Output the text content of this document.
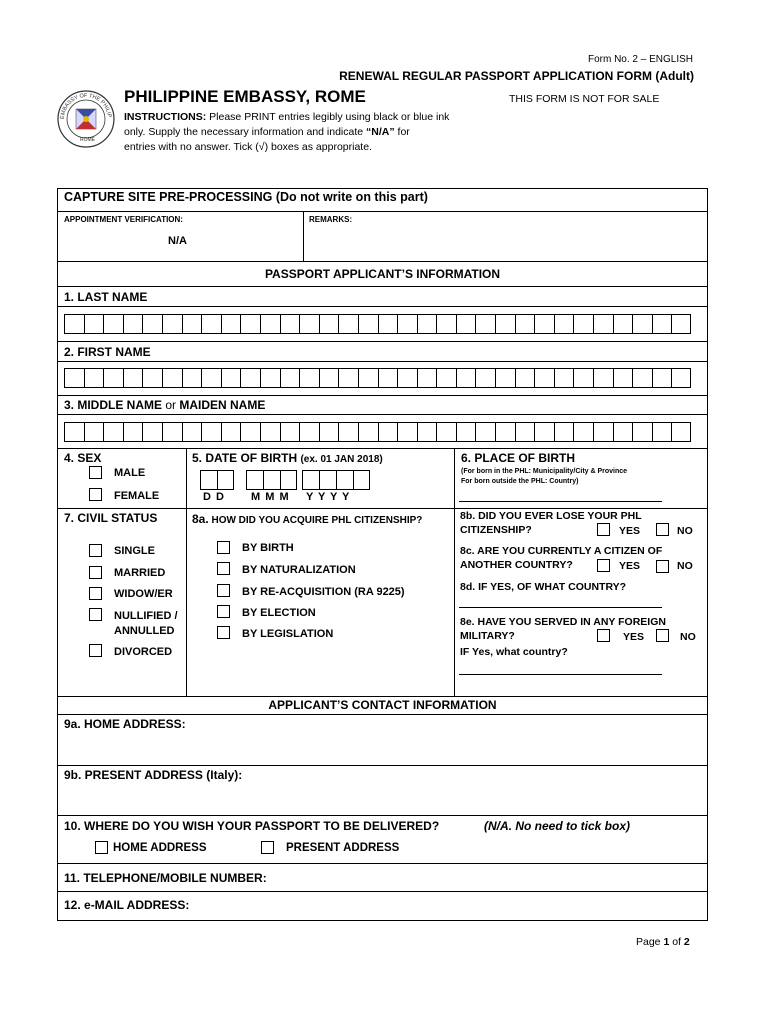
Form No. 2 – ENGLISH
RENEWAL REGULAR PASSPORT APPLICATION FORM (Adult)
EMBASSY OF THE PHILIP
ROME
PHILIPPINE EMBASSY, ROME	THIS FORM IS NOT FOR SALE
INSTRUCTIONS: Please PRINT entries legibly using black or blue ink
only. Supply the necessary information and indicate “N/A” for
entries with no answer. Tick (√) boxes as appropriate.
CAPTURE SITE PRE-PROCESSING (Do not write on this part)
APPOINTMENT VERIFICATION:	REMARKS:
N/A
PASSPORT APPLICANT’S INFORMATION
1. LAST NAME
2. FIRST NAME
3. MIDDLE NAME or MAIDEN NAME
4. SEX
MALE
FEMALE
5. DATE OF BIRTH (ex. 01 JAN 2018)
D D M M M Y Y Y Y
6. PLACE OF BIRTH
(For born in the PHL: Municipality/City & Province
For born outside the PHL: Country)
7. CIVIL STATUS
SINGLE
MARRIED
WIDOW/ER
NULLIFIED /
ANNULLED
DIVORCED
8a. HOW DID YOU ACQUIRE PHL CITIZENSHIP?
BY BIRTH
BY NATURALIZATION
BY RE-ACQUISITION (RA 9225)
BY ELECTION
BY LEGISLATION
8b. DID YOU EVER LOSE YOUR PHL
CITIZENSHIP?	YES	NO
8c. ARE YOU CURRENTLY A CITIZEN OF
ANOTHER COUNTRY?	YES	NO
8d. IF YES, OF WHAT COUNTRY?
8e. HAVE YOU SERVED IN ANY FOREIGN
MILITARY?	YES	NO
IF Yes, what country?
APPLICANT’S CONTACT INFORMATION
9a. HOME ADDRESS:
9b. PRESENT ADDRESS (Italy):
10. WHERE DO YOU WISH YOUR PASSPORT TO BE DELIVERED?	(N/A. No need to tick box)
HOME ADDRESS	PRESENT ADDRESS
11. TELEPHONE/MOBILE NUMBER:
12. e-MAIL ADDRESS:
Page 1 of 2
